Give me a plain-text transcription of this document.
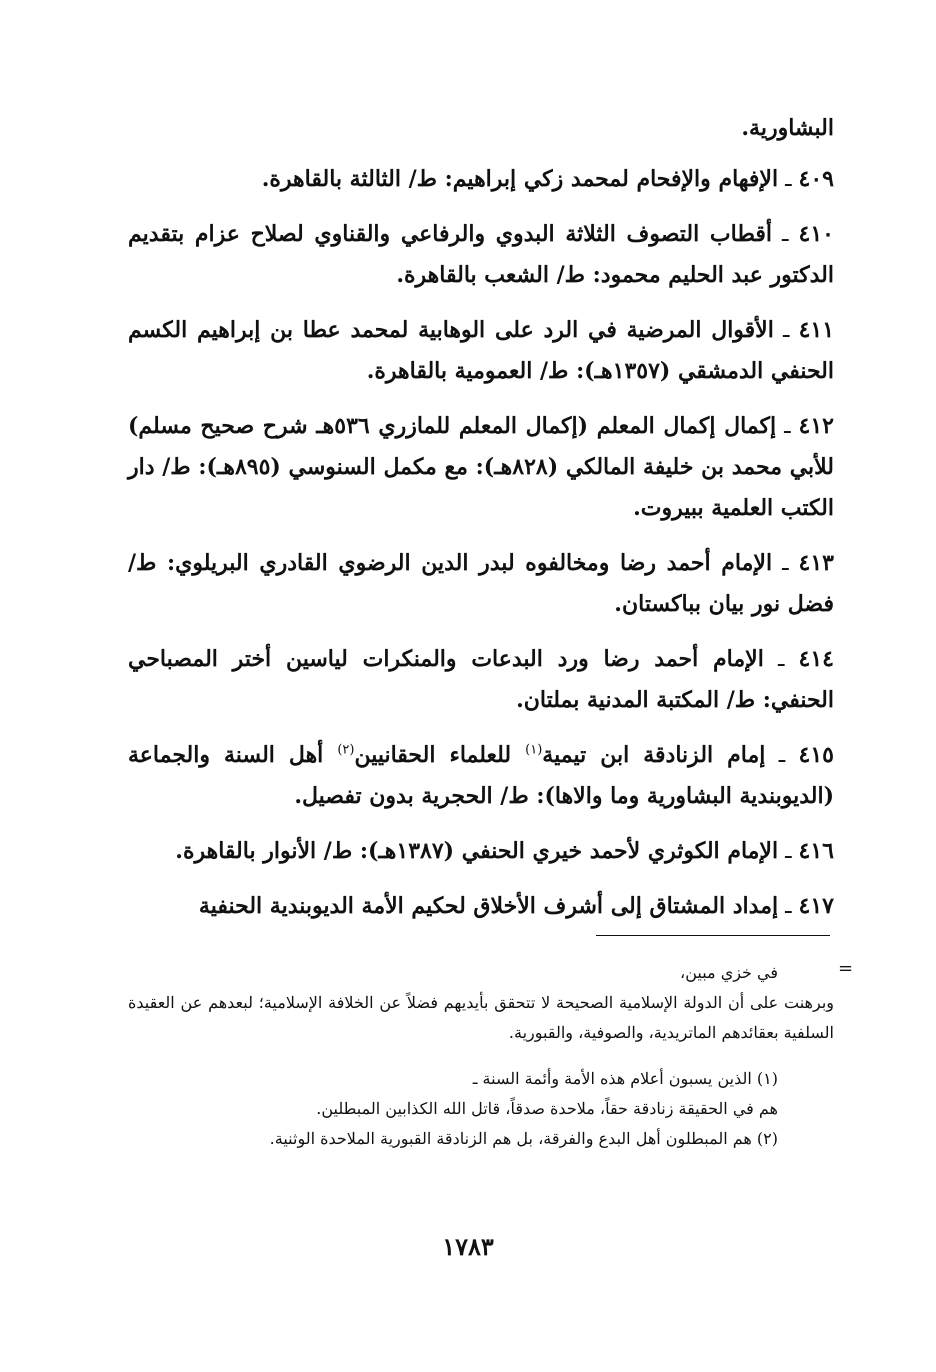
البشاورية.

٤٠٩ ـ الإفهام والإفحام لمحمد زكي إبراهيم: ط/ الثالثة بالقاهرة.

٤١٠ ـ أقطاب التصوف الثلاثة البدوي والرفاعي والقناوي لصلاح عزام بتقديم الدكتور عبد الحليم محمود: ط/ الشعب بالقاهرة.

٤١١ ـ الأقوال المرضية في الرد على الوهابية لمحمد عطا بن إبراهيم الكسم الحنفي الدمشقي (١٣٥٧هـ): ط/ العمومية بالقاهرة.

٤١٢ ـ إكمال إكمال المعلم (إكمال المعلم للمازري ٥٣٦هـ شرح صحيح مسلم) للأبي محمد بن خليفة المالكي (٨٢٨هـ): مع مكمل السنوسي (٨٩٥هـ): ط/ دار الكتب العلمية ببيروت.

٤١٣ ـ الإمام أحمد رضا ومخالفوه لبدر الدين الرضوي القادري البريلوي: ط/ فضل نور بيان بباكستان.

٤١٤ ـ الإمام أحمد رضا ورد البدعات والمنكرات لياسين أختر المصباحي الحنفي: ط/ المكتبة المدنية بملتان.

٤١٥ ـ إمام الزنادقة ابن تيمية$^{(١)}$ للعلماء الحقانيين$^{(٢)}$ أهل السنة والجماعة (الديوبندية البشاورية وما والاها): ط/ الحجرية بدون تفصيل.

٤١٦ ـ الإمام الكوثري لأحمد خيري الحنفي (١٣٨٧هـ): ط/ الأنوار بالقاهرة.

٤١٧ ـ إمداد المشتاق إلى أشرف الأخلاق لحكيم الأمة الديوبندية الحنفية

=

في خزي مبين،

وبرهنت على أن الدولة الإسلامية الصحيحة لا تتحقق بأيديهم فضلاً عن الخلافة الإسلامية؛ لبعدهم عن العقيدة السلفية بعقائدهم الماتريدية، والصوفية، والقبورية.

(١) الذين يسبون أعلام هذه الأمة وأئمة السنة ـ

هم في الحقيقة زنادقة حقاً، ملاحدة صدقاً، قاتل الله الكذابين المبطلين.

(٢) هم المبطلون أهل البدع والفرقة، بل هم الزنادقة القبورية الملاحدة الوثنية.

١٧٨٣
